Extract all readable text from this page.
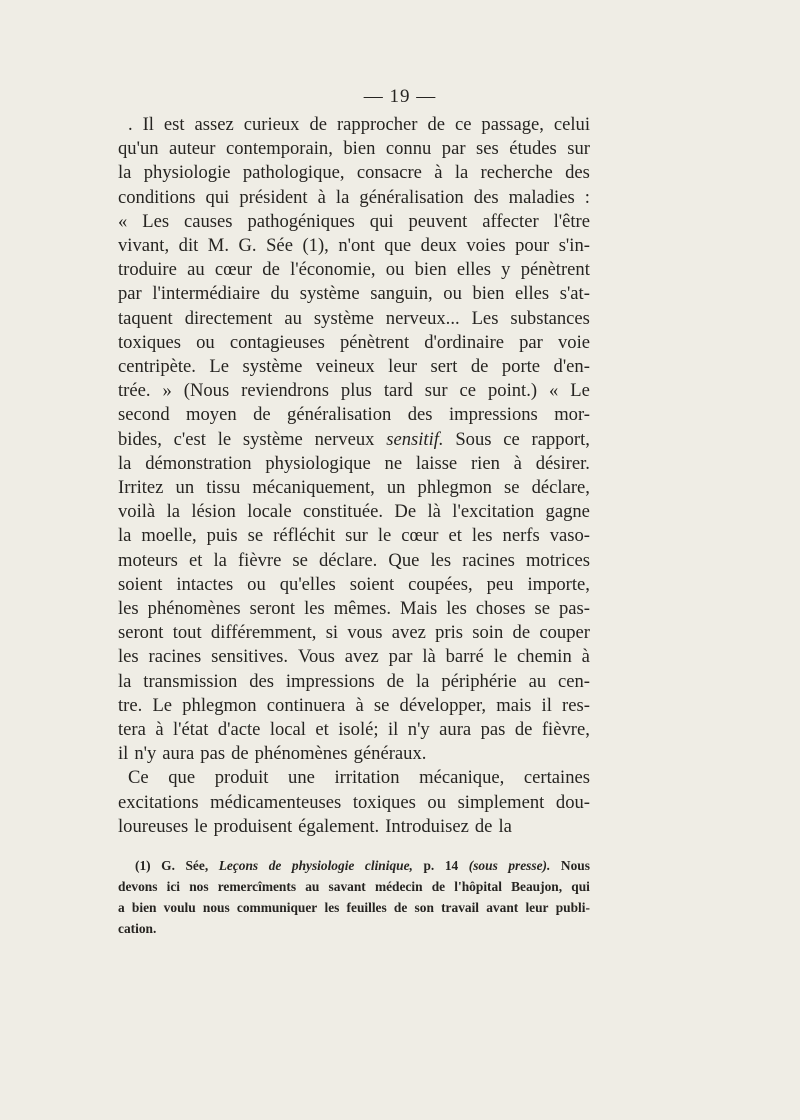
— 19 —
. Il est assez curieux de rapprocher de ce passage, celui
qu'un auteur contemporain, bien connu par ses études sur
la physiologie pathologique, consacre à la recherche des
conditions qui président à la généralisation des maladies :
« Les causes pathogéniques qui peuvent affecter l'être
vivant, dit M. G. Sée (1), n'ont que deux voies pour s'in-
troduire au cœur de l'économie, ou bien elles y pénètrent
par l'intermédiaire du système sanguin, ou bien elles s'at-
taquent directement au système nerveux... Les substances
toxiques ou contagieuses pénètrent d'ordinaire par voie
centripète. Le système veineux leur sert de porte d'en-
trée. » (Nous reviendrons plus tard sur ce point.) « Le
second moyen de généralisation des impressions mor-
bides, c'est le système nerveux sensitif. Sous ce rapport,
la démonstration physiologique ne laisse rien à désirer.
Irritez un tissu mécaniquement, un phlegmon se déclare,
voilà la lésion locale constituée. De là l'excitation gagne
la moelle, puis se réfléchit sur le cœur et les nerfs vaso-
moteurs et la fièvre se déclare. Que les racines motrices
soient intactes ou qu'elles soient coupées, peu importe,
les phénomènes seront les mêmes. Mais les choses se pas-
seront tout différemment, si vous avez pris soin de couper
les racines sensitives. Vous avez par là barré le chemin à
la transmission des impressions de la périphérie au cen-
tre. Le phlegmon continuera à se développer, mais il res-
tera à l'état d'acte local et isolé; il n'y aura pas de fièvre,
il n'y aura pas de phénomènes généraux.
Ce que produit une irritation mécanique, certaines
excitations médicamenteuses toxiques ou simplement dou-
loureuses le produisent également. Introduisez de la
(1) G. Sée, Leçons de physiologie clinique, p. 14 (sous presse). Nous
devons ici nos remercîments au savant médecin de l'hôpital Beaujon, qui
a bien voulu nous communiquer les feuilles de son travail avant leur publi-
cation.
